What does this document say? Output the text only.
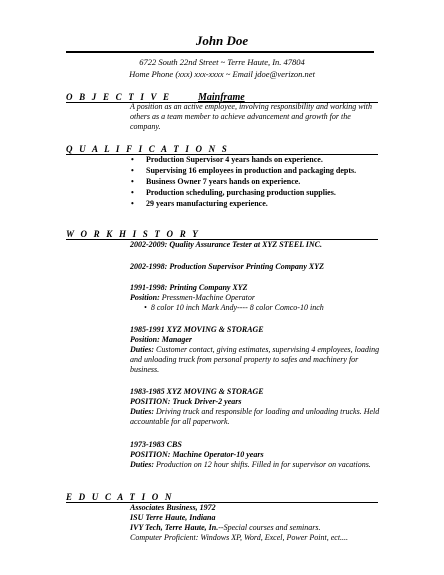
John Doe
6722 South 22nd Street ~ Terre Haute, In. 47804
Home Phone (xxx) xxx-xxxx ~ Email jdoe@verizon.net
O B J E C T I V E	Mainframe
A position as an active employee, involving responsibility and working with others as a team member to achieve advancement and growth for the company.
Q U A L I F I C A T I O N S
• Production Supervisor 4 years hands on experience.
• Supervising 16 employees in production and packaging depts.
• Business Owner 7 years hands on experience.
• Production scheduling, purchasing production supplies.
• 29 years manufacturing experience.
W O R K H I S T O R Y
2002-2009: Quality Assurance Tester at XYZ STEEL INC.
2002-1998: Production Supervisor Printing Company XYZ
1991-1998: Printing Company XYZ
Position: Pressmen-Machine Operator
•  8 color 10 inch Mark Andy---- 8 color Comco-10 inch
1985-1991 XYZ MOVING & STORAGE
Position: Manager
Duties: Customer contact, giving estimates, supervising 4 employees, loading and unloading truck from personal property to safes and machinery for business.
1983-1985 XYZ MOVING & STORAGE
POSITION: Truck Driver-2 years
Duties: Driving truck and responsible for loading and unloading trucks. Held accountable for all paperwork.
1973-1983 CBS
POSITION: Machine Operator-10 years
Duties: Production on 12 hour shifts. Filled in for supervisor on vacations.
E D U C A T I O N
Associates Business, 1972
ISU Terre Haute, Indiana
IVY Tech, Terre Haute, In.--Special courses and seminars.
Computer Proficient: Windows XP, Word, Excel, Power Point, ect....
